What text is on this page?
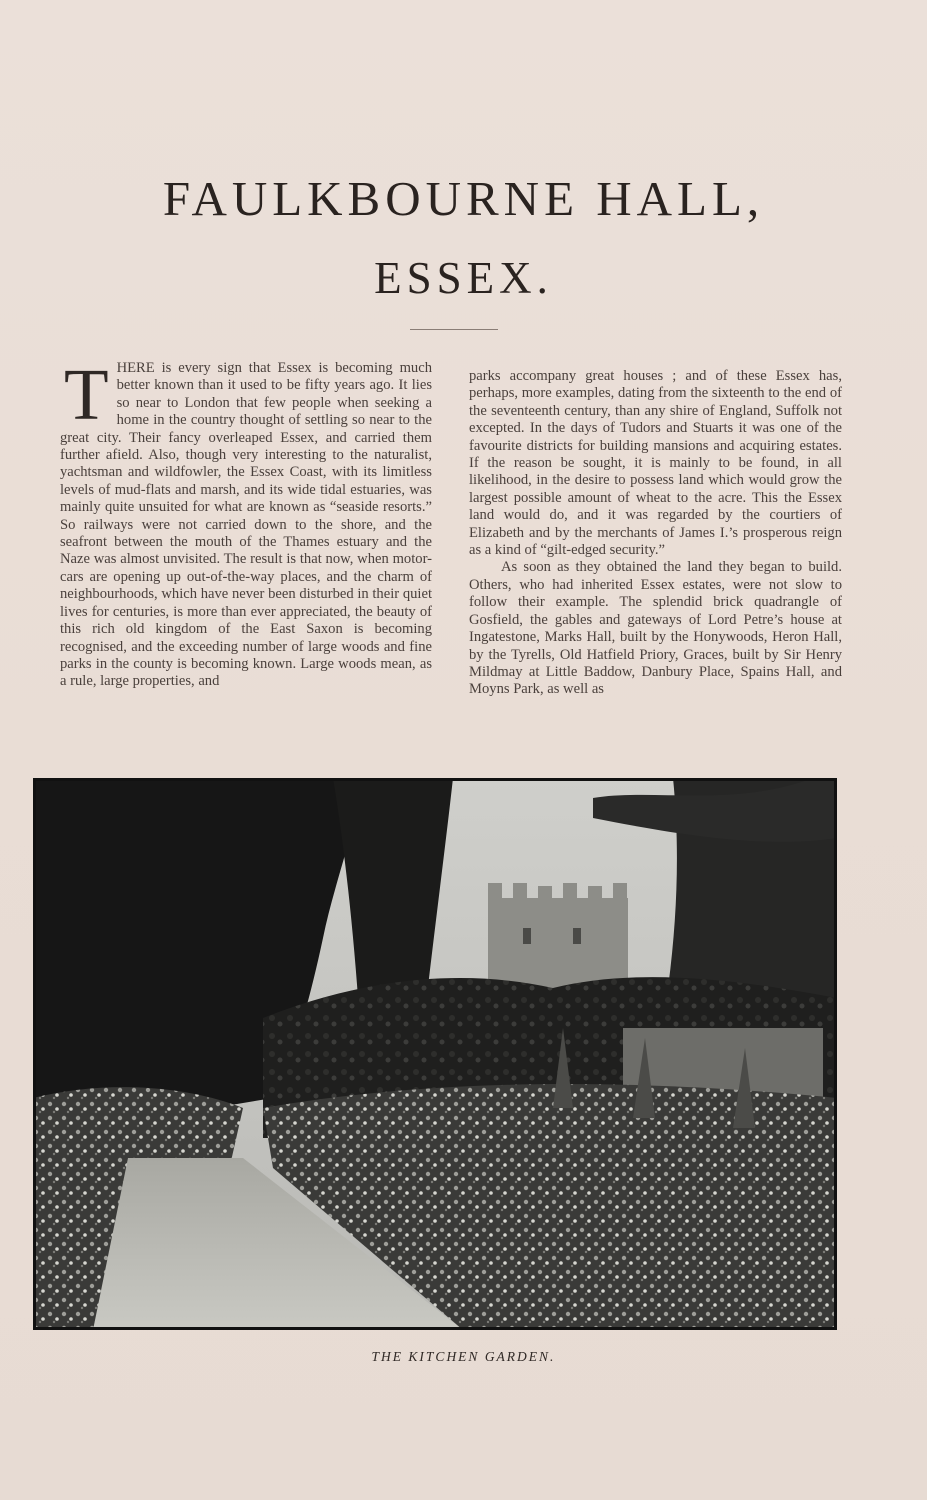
FAULKBOURNE HALL,
ESSEX.

THERE is every sign that Essex is becoming much better known than it used to be fifty years ago. It lies so near to London that few people when seeking a home in the country thought of settling so near to the great city. Their fancy overleaped Essex, and carried them further afield. Also, though very interesting to the naturalist, yachtsman and wildfowler, the Essex Coast, with its limitless levels of mud-flats and marsh, and its wide tidal estuaries, was mainly quite unsuited for what are known as “seaside resorts.” So railways were not carried down to the shore, and the seafront between the mouth of the Thames estuary and the Naze was almost unvisited. The result is that now, when motor-cars are opening up out-of-the-way places, and the charm of neighbourhoods, which have never been disturbed in their quiet lives for centuries, is more than ever appreciated, the beauty of this rich old kingdom of the East Saxon is becoming recognised, and the exceeding number of large woods and fine parks in the county is becoming known. Large woods mean, as a rule, large properties, and

parks accompany great houses ; and of these Essex has, perhaps, more examples, dating from the sixteenth to the end of the seventeenth century, than any shire of England, Suffolk not excepted. In the days of Tudors and Stuarts it was one of the favourite districts for building mansions and acquiring estates. If the reason be sought, it is mainly to be found, in all likelihood, in the desire to possess land which would grow the largest possible amount of wheat to the acre. This the Essex land would do, and it was regarded by the courtiers of Elizabeth and by the merchants of James I.’s prosperous reign as a kind of “gilt-edged security.”

As soon as they obtained the land they began to build. Others, who had inherited Essex estates, were not slow to follow their example. The splendid brick quadrangle of Gosfield, the gables and gateways of Lord Petre’s house at Ingatestone, Marks Hall, built by the Honywoods, Heron Hall, by the Tyrells, Old Hatfield Priory, Graces, built by Sir Henry Mildmay at Little Baddow, Danbury Place, Spains Hall, and Moyns Park, as well as

THE KITCHEN GARDEN.
